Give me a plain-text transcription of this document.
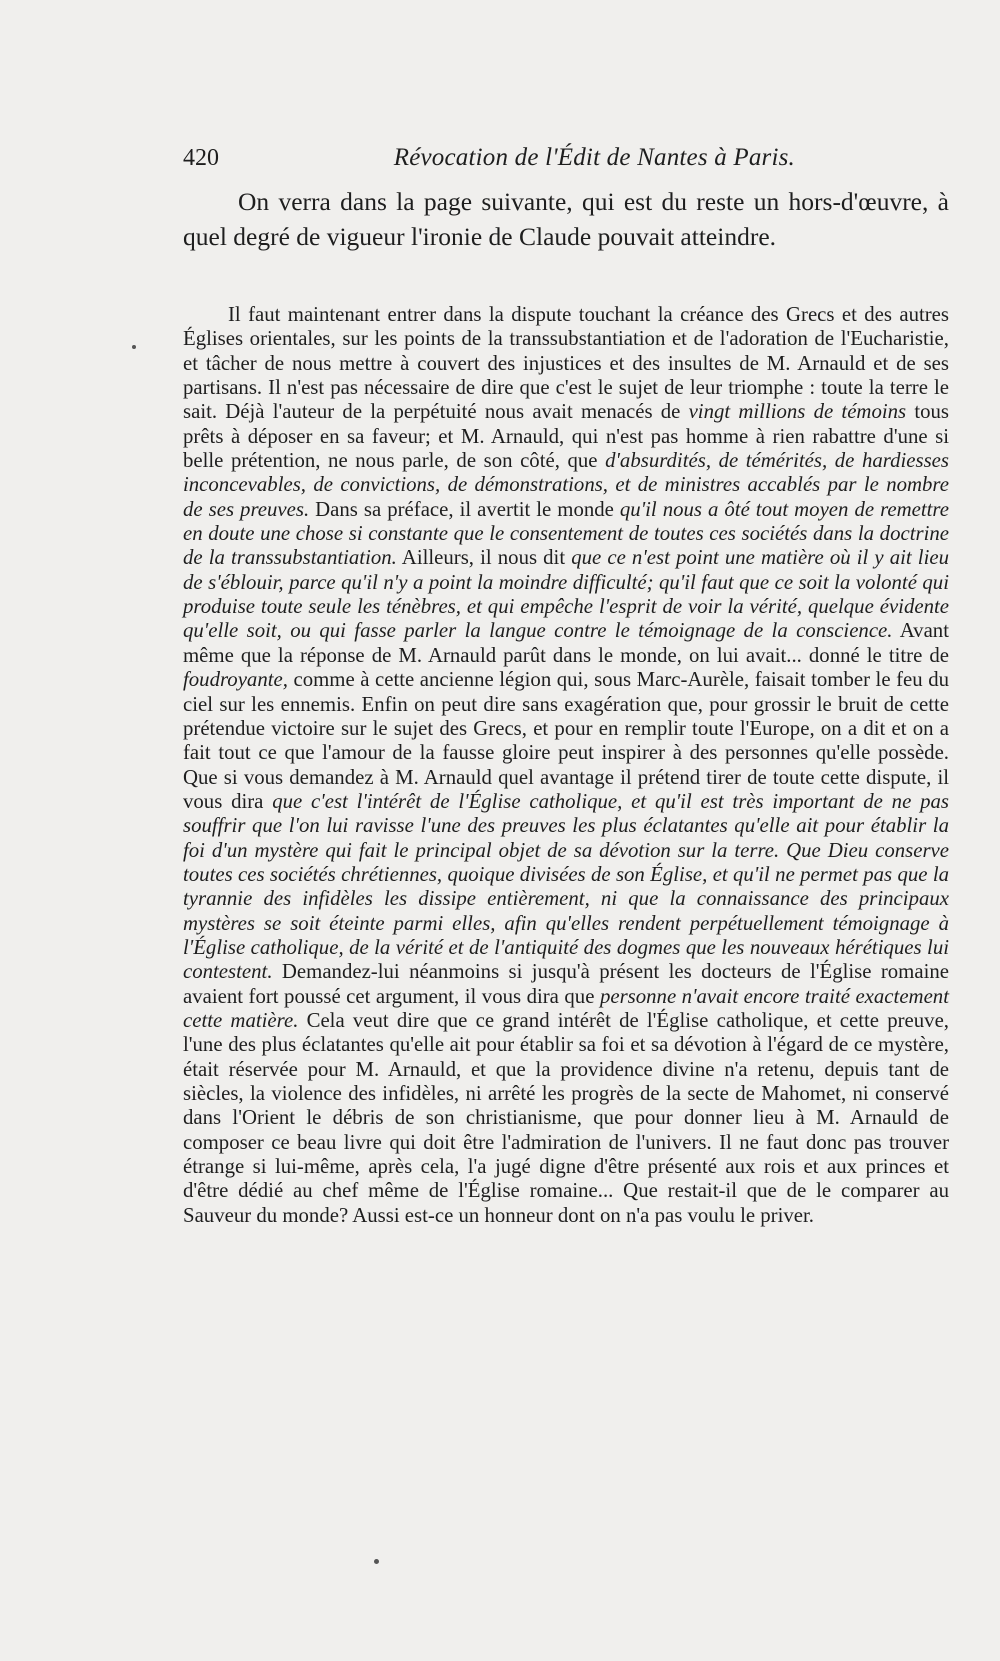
420	Révocation de l'Édit de Nantes à Paris.

On verra dans la page suivante, qui est du reste un hors-d'œuvre, à quel degré de vigueur l'ironie de Claude pouvait atteindre.

Il faut maintenant entrer dans la dispute touchant la créance des Grecs et des autres Églises orientales, sur les points de la transsubstantiation et de l'adoration de l'Eucharistie, et tâcher de nous mettre à couvert des injustices et des insultes de M. Arnauld et de ses partisans. Il n'est pas nécessaire de dire que c'est le sujet de leur triomphe : toute la terre le sait. Déjà l'auteur de la perpétuité nous avait menacés de vingt millions de témoins tous prêts à déposer en sa faveur; et M. Arnauld, qui n'est pas homme à rien rabattre d'une si belle prétention, ne nous parle, de son côté, que d'absurdités, de témérités, de hardiesses inconcevables, de convictions, de démonstrations, et de ministres accablés par le nombre de ses preuves. Dans sa préface, il avertit le monde qu'il nous a ôté tout moyen de remettre en doute une chose si constante que le consentement de toutes ces sociétés dans la doctrine de la transsubstantiation. Ailleurs, il nous dit que ce n'est point une matière où il y ait lieu de s'éblouir, parce qu'il n'y a point la moindre difficulté; qu'il faut que ce soit la volonté qui produise toute seule les ténèbres, et qui empêche l'esprit de voir la vérité, quelque évidente qu'elle soit, ou qui fasse parler la langue contre le témoignage de la conscience. Avant même que la réponse de M. Arnauld parût dans le monde, on lui avait... donné le titre de foudroyante, comme à cette ancienne légion qui, sous Marc-Aurèle, faisait tomber le feu du ciel sur les ennemis. Enfin on peut dire sans exagération que, pour grossir le bruit de cette prétendue victoire sur le sujet des Grecs, et pour en remplir toute l'Europe, on a dit et on a fait tout ce que l'amour de la fausse gloire peut inspirer à des personnes qu'elle possède. Que si vous demandez à M. Arnauld quel avantage il prétend tirer de toute cette dispute, il vous dira que c'est l'intérêt de l'Église catholique, et qu'il est très important de ne pas souffrir que l'on lui ravisse l'une des preuves les plus éclatantes qu'elle ait pour établir la foi d'un mystère qui fait le principal objet de sa dévotion sur la terre. Que Dieu conserve toutes ces sociétés chrétiennes, quoique divisées de son Église, et qu'il ne permet pas que la tyrannie des infidèles les dissipe entièrement, ni que la connaissance des principaux mystères se soit éteinte parmi elles, afin qu'elles rendent perpétuellement témoignage à l'Église catholique, de la vérité et de l'antiquité des dogmes que les nouveaux hérétiques lui contestent. Demandez-lui néanmoins si jusqu'à présent les docteurs de l'Église romaine avaient fort poussé cet argument, il vous dira que personne n'avait encore traité exactement cette matière. Cela veut dire que ce grand intérêt de l'Église catholique, et cette preuve, l'une des plus éclatantes qu'elle ait pour établir sa foi et sa dévotion à l'égard de ce mystère, était réservée pour M. Arnauld, et que la providence divine n'a retenu, depuis tant de siècles, la violence des infidèles, ni arrêté les progrès de la secte de Mahomet, ni conservé dans l'Orient le débris de son christianisme, que pour donner lieu à M. Arnauld de composer ce beau livre qui doit être l'admiration de l'univers. Il ne faut donc pas trouver étrange si lui-même, après cela, l'a jugé digne d'être présenté aux rois et aux princes et d'être dédié au chef même de l'Église romaine... Que restait-il que de le comparer au Sauveur du monde? Aussi est-ce un honneur dont on n'a pas voulu le priver.
